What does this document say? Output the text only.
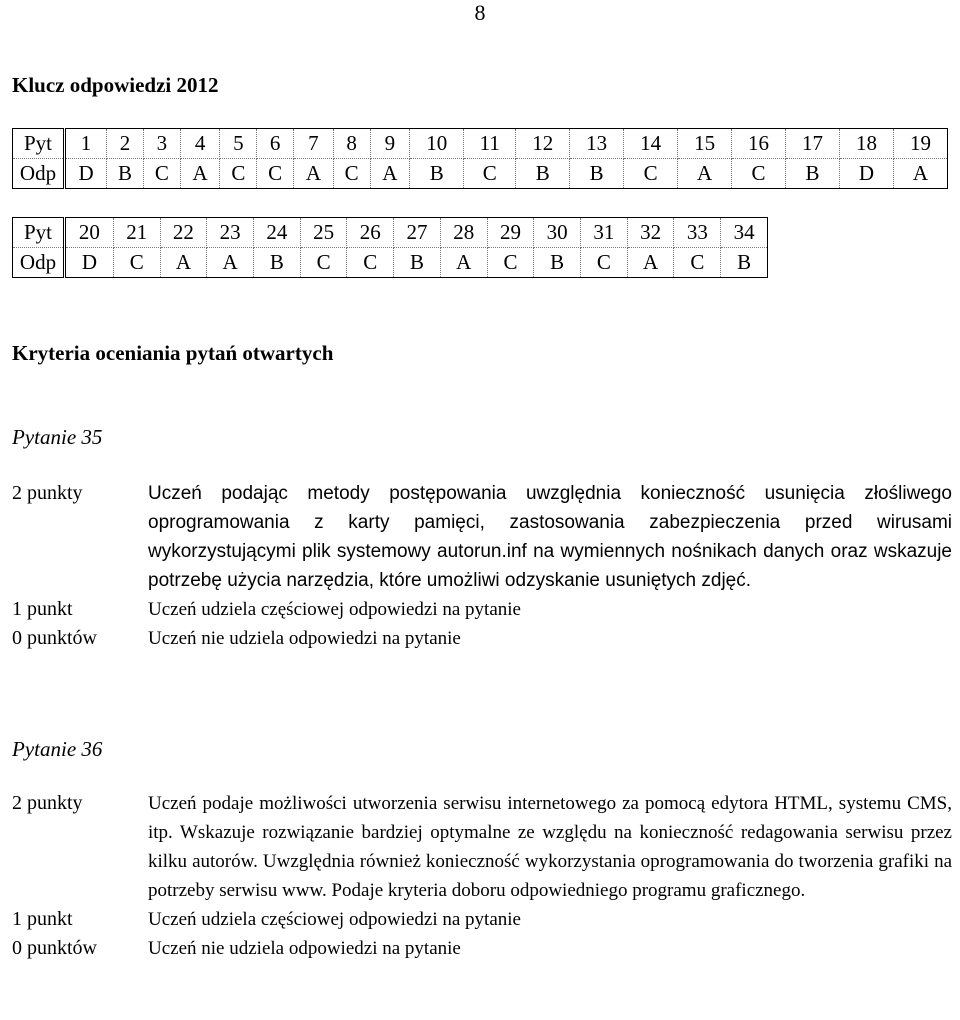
8
Klucz odpowiedzi 2012
Pyt	1	2	3	4	5	6	7	8	9	10	11	12	13	14	15	16	17	18	19
Odp	D	B	C	A	C	C	A	C	A	B	C	B	B	C	A	C	B	D	A
Pyt	20	21	22	23	24	25	26	27	28	29	30	31	32	33	34
Odp	D	C	A	A	B	C	C	B	A	C	B	C	A	C	B
Kryteria oceniania pytań otwartych
Pytanie 35
2 punkty	Uczeń podając metody postępowania uwzględnia konieczność usunięcia złośliwego oprogramowania z karty pamięci, zastosowania zabezpieczenia przed wirusami wykorzystującymi plik systemowy autorun.inf na wymiennych nośnikach danych oraz wskazuje potrzebę użycia narzędzia, które umożliwi odzyskanie usuniętych zdjęć.
1 punkt	Uczeń udziela częściowej odpowiedzi na pytanie
0 punktów	Uczeń nie udziela odpowiedzi na pytanie
Pytanie 36
2 punkty	Uczeń podaje możliwości utworzenia serwisu internetowego za pomocą edytora HTML, systemu CMS, itp. Wskazuje rozwiązanie bardziej optymalne ze względu na konieczność redagowania serwisu przez kilku autorów. Uwzględnia również konieczność wykorzystania oprogramowania do tworzenia grafiki na potrzeby serwisu www. Podaje kryteria doboru odpowiedniego programu graficznego.
1 punkt	Uczeń udziela częściowej odpowiedzi na pytanie
0 punktów	Uczeń nie udziela odpowiedzi na pytanie
